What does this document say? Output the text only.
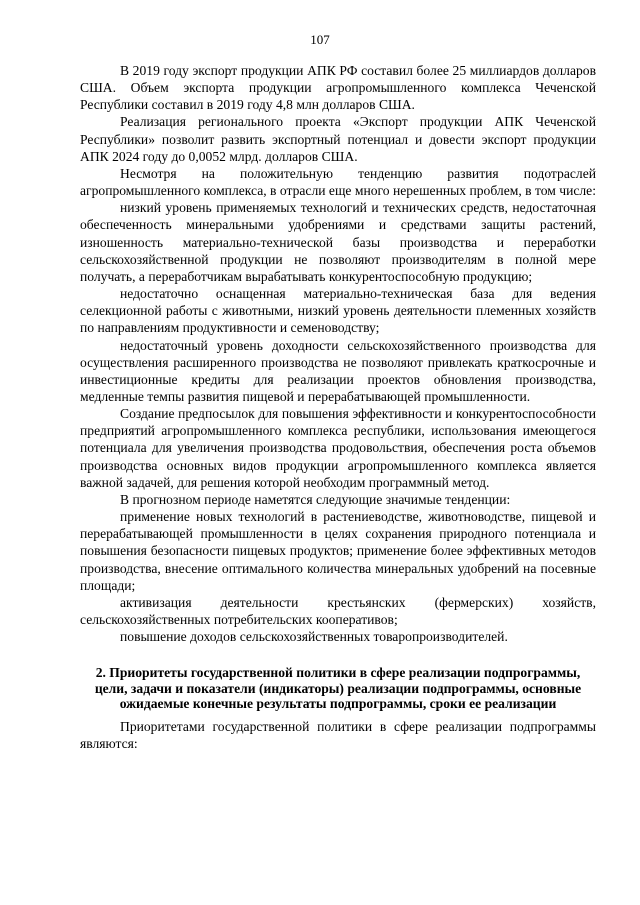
107

В 2019 году экспорт продукции АПК РФ составил более 25 миллиардов долларов США. Объем экспорта продукции агропромышленного комплекса Чеченской Республики составил в 2019 году 4,8 млн долларов США.

Реализация регионального проекта «Экспорт продукции АПК Чеченской Республики» позволит развить экспортный потенциал и довести экспорт продукции АПК 2024 году до 0,0052 млрд. долларов США.

Несмотря на положительную тенденцию развития подотраслей агропромышленного комплекса, в отрасли еще много нерешенных проблем, в том числе:

низкий уровень применяемых технологий и технических средств, недостаточная обеспеченность минеральными удобрениями и средствами защиты растений, изношенность материально-технической базы производства и переработки сельскохозяйственной продукции не позволяют производителям в полной мере получать, а переработчикам вырабатывать конкурентоспособную продукцию;

недостаточно оснащенная материально-техническая база для ведения селекционной работы с животными, низкий уровень деятельности племенных хозяйств по направлениям продуктивности и семеноводству;

недостаточный уровень доходности сельскохозяйственного производства для осуществления расширенного производства не позволяют привлекать краткосрочные и инвестиционные кредиты для реализации проектов обновления производства, медленные темпы развития пищевой и перерабатывающей промышленности.

Создание предпосылок для повышения эффективности и конкурентоспособности предприятий агропромышленного комплекса республики, использования имеющегося потенциала для увеличения производства продовольствия, обеспечения роста объемов производства основных видов продукции агропромышленного комплекса является важной задачей, для решения которой необходим программный метод.

В прогнозном периоде наметятся следующие значимые тенденции:

применение новых технологий в растениеводстве, животноводстве, пищевой и перерабатывающей промышленности в целях сохранения природного потенциала и повышения безопасности пищевых продуктов; применение более эффективных методов производства, внесение оптимального количества минеральных удобрений на посевные площади;

активизация деятельности крестьянских (фермерских) хозяйств, сельскохозяйственных потребительских кооперативов;

повышение доходов сельскохозяйственных товаропроизводителей.

2. Приоритеты государственной политики в сфере реализации подпрограммы, цели, задачи и показатели (индикаторы) реализации подпрограммы, основные ожидаемые конечные результаты подпрограммы, сроки ее реализации

Приоритетами государственной политики в сфере реализации подпрограммы являются:
